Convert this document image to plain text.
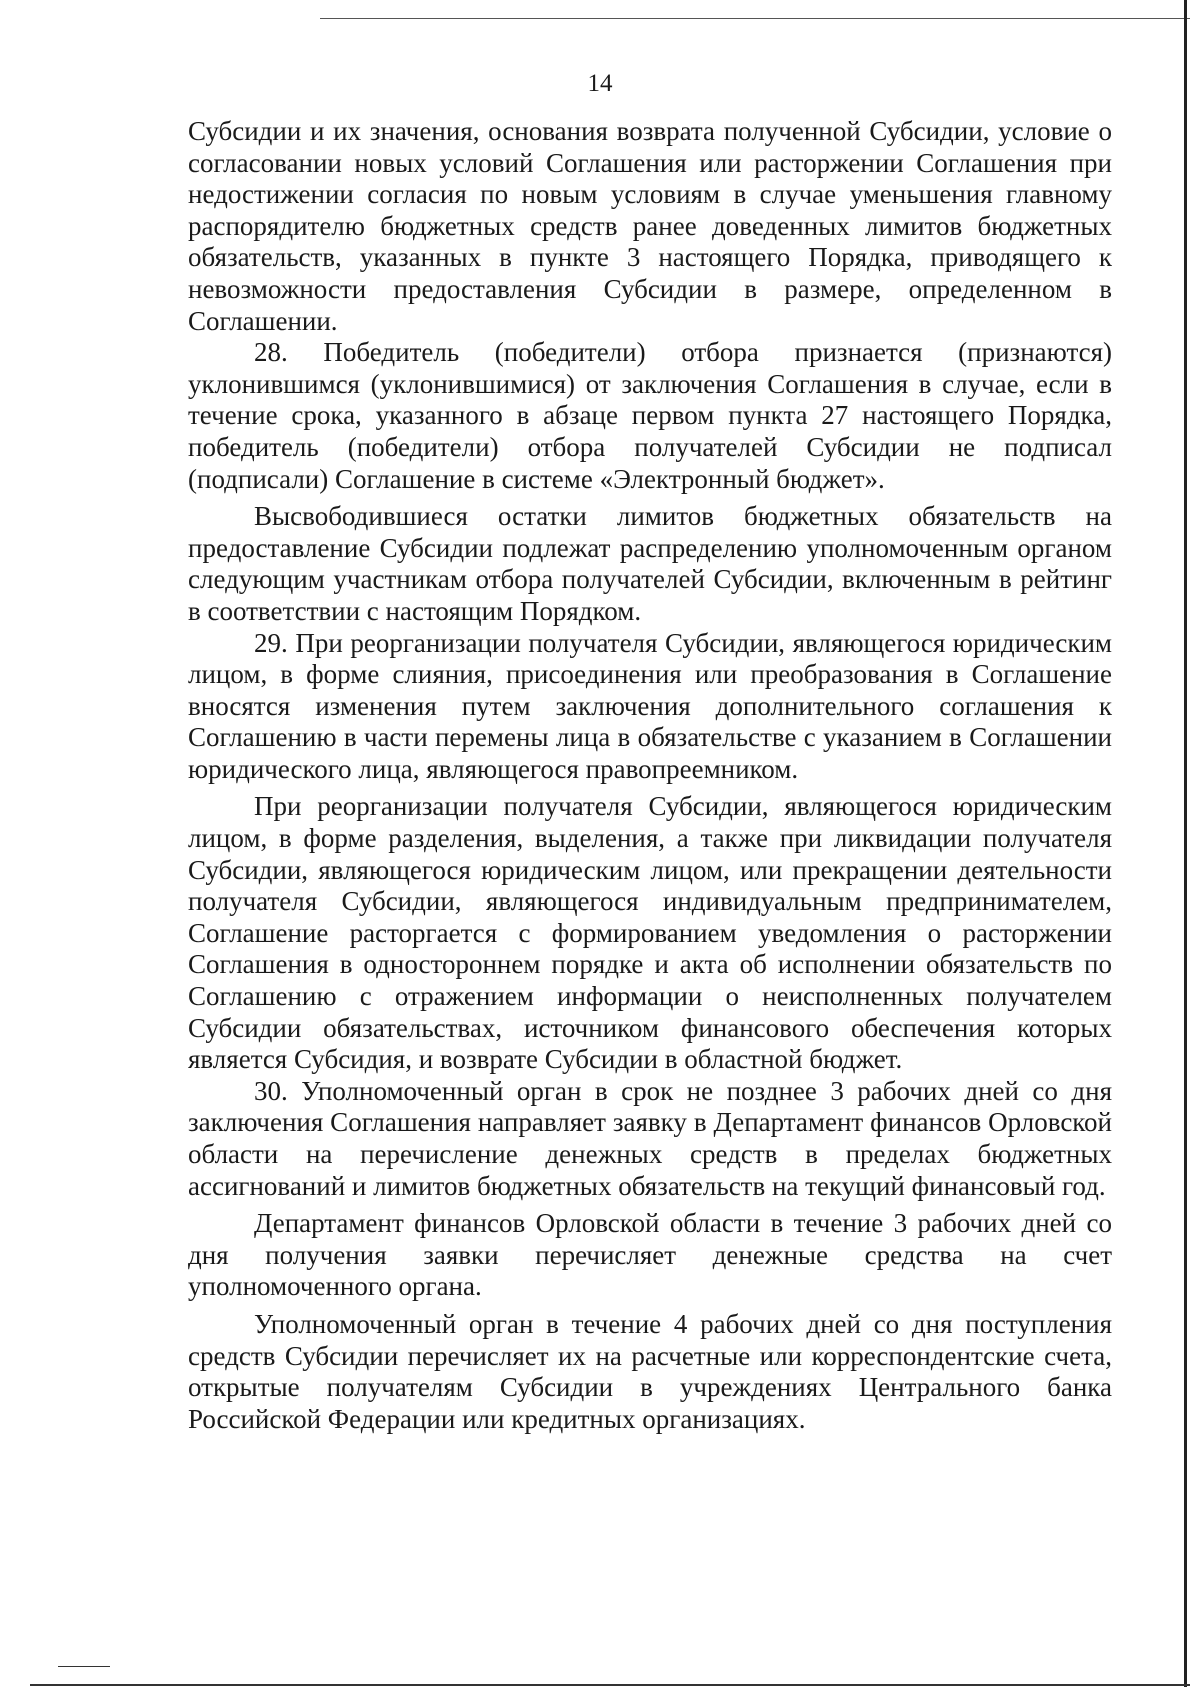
14

Субсидии и их значения, основания возврата полученной Субсидии, условие о согласовании новых условий Соглашения или расторжении Соглашения при недостижении согласия по новым условиям в случае уменьшения главному распорядителю бюджетных средств ранее доведенных лимитов бюджетных обязательств, указанных в пункте 3 настоящего Порядка, приводящего к невозможности предоставления Субсидии в размере, определенном в Соглашении.

28. Победитель (победители) отбора признается (признаются) уклонившимся (уклонившимися) от заключения Соглашения в случае, если в течение срока, указанного в абзаце первом пункта 27 настоящего Порядка, победитель (победители) отбора получателей Субсидии не подписал (подписали) Соглашение в системе «Электронный бюджет».

Высвободившиеся остатки лимитов бюджетных обязательств на предоставление Субсидии подлежат распределению уполномоченным органом следующим участникам отбора получателей Субсидии, включенным в рейтинг в соответствии с настоящим Порядком.

29. При реорганизации получателя Субсидии, являющегося юридическим лицом, в форме слияния, присоединения или преобразования в Соглашение вносятся изменения путем заключения дополнительного соглашения к Соглашению в части перемены лица в обязательстве с указанием в Соглашении юридического лица, являющегося правопреемником.

При реорганизации получателя Субсидии, являющегося юридическим лицом, в форме разделения, выделения, а также при ликвидации получателя Субсидии, являющегося юридическим лицом, или прекращении деятельности получателя Субсидии, являющегося индивидуальным предпринимателем, Соглашение расторгается с формированием уведомления о расторжении Соглашения в одностороннем порядке и акта об исполнении обязательств по Соглашению с отражением информации о неисполненных получателем Субсидии обязательствах, источником финансового обеспечения которых является Субсидия, и возврате Субсидии в областной бюджет.

30. Уполномоченный орган в срок не позднее 3 рабочих дней со дня заключения Соглашения направляет заявку в Департамент финансов Орловской области на перечисление денежных средств в пределах бюджетных ассигнований и лимитов бюджетных обязательств на текущий финансовый год.

Департамент финансов Орловской области в течение 3 рабочих дней со дня получения заявки перечисляет денежные средства на счет уполномоченного органа.

Уполномоченный орган в течение 4 рабочих дней со дня поступления средств Субсидии перечисляет их на расчетные или корреспондентские счета, открытые получателям Субсидии в учреждениях Центрального банка Российской Федерации или кредитных организациях.
